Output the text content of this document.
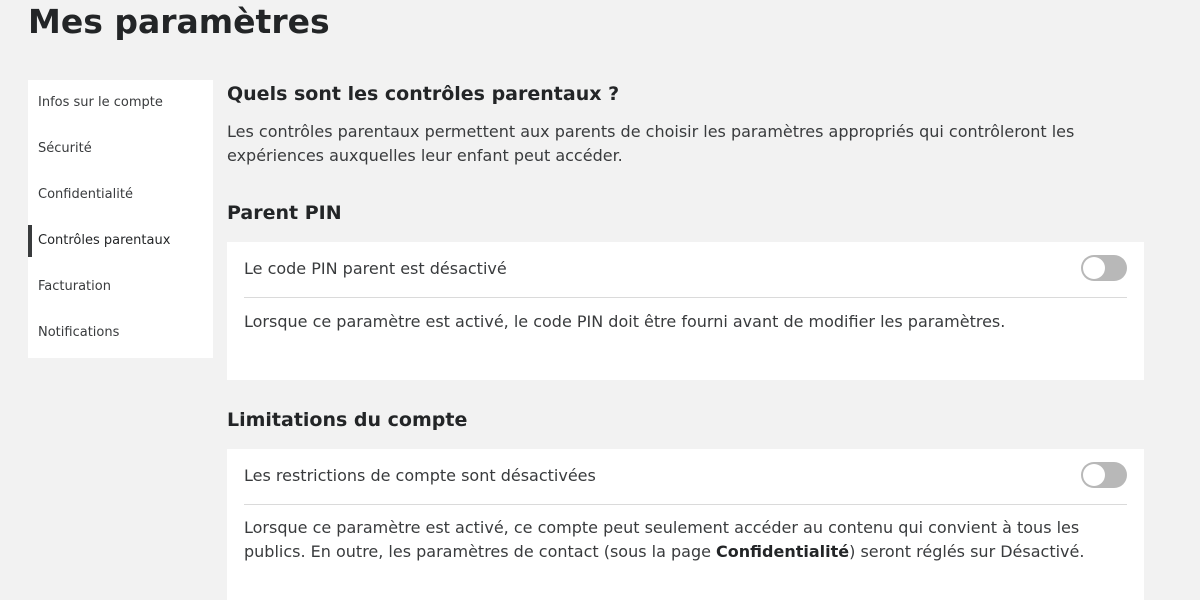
Mes paramètres
Infos sur le compte
Sécurité
Confidentialité
Contrôles parentaux
Facturation
Notifications
Quels sont les contrôles parentaux ?
Les contrôles parentaux permettent aux parents de choisir les paramètres appropriés qui contrôleront les expériences auxquelles leur enfant peut accéder.
Parent PIN
Le code PIN parent est désactivé
Lorsque ce paramètre est activé, le code PIN doit être fourni avant de modifier les paramètres.
Limitations du compte
Les restrictions de compte sont désactivées
Lorsque ce paramètre est activé, ce compte peut seulement accéder au contenu qui convient à tous les publics. En outre, les paramètres de contact (sous la page Confidentialité) seront réglés sur Désactivé.
